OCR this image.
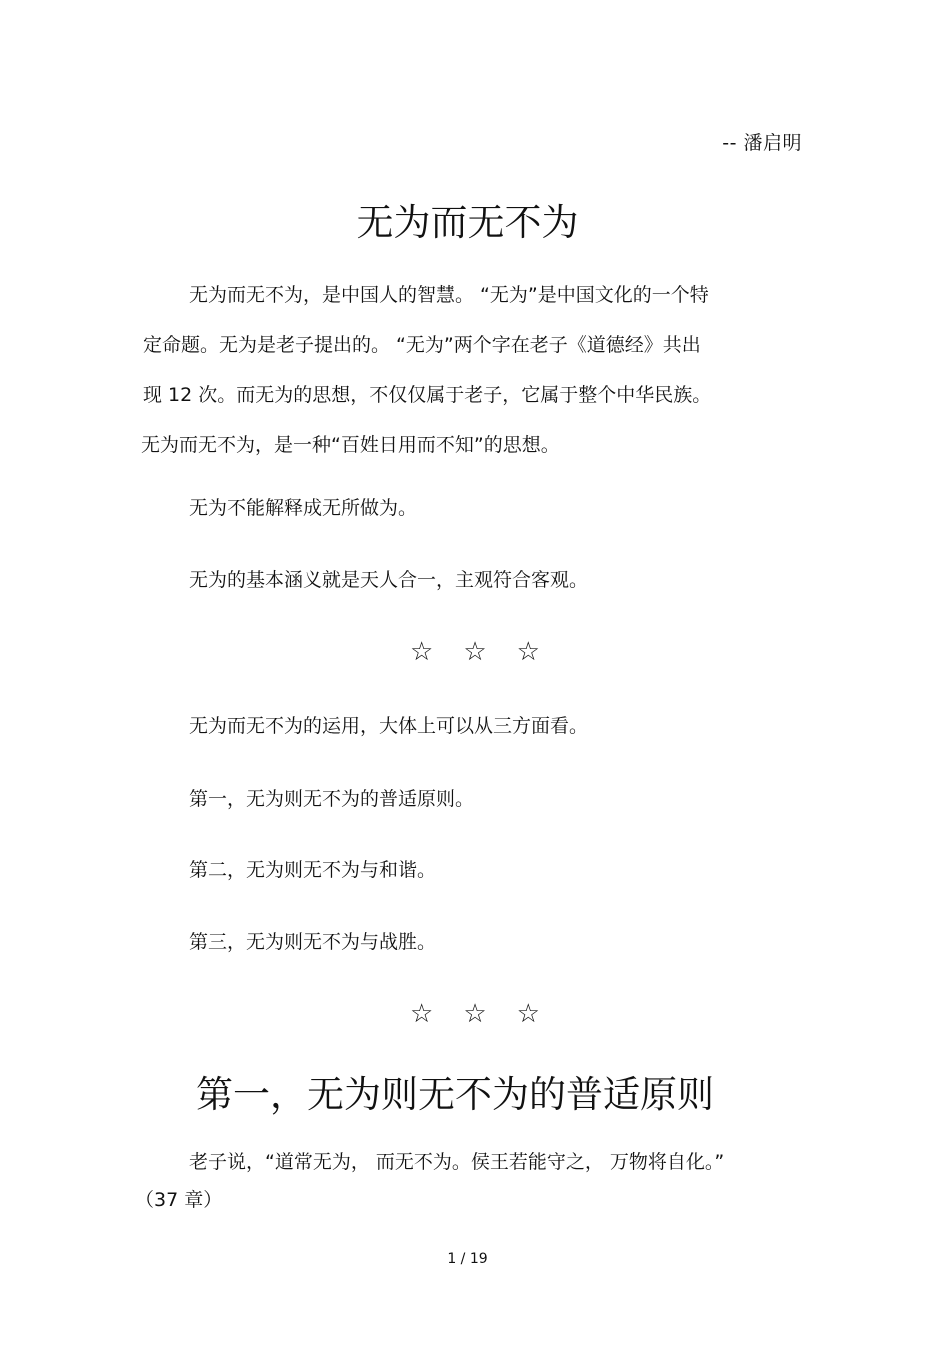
-- 潘启明
无为而无不为
无为而无不为，是中国人的智慧。 “无为”是中国文化的一个特
定命题。无为是老子提出的。 “无为”两个字在老子《道德经》共出
现 12 次。而无为的思想，不仅仅属于老子，它属于整个中华民族。
无为而无不为，是一种“百姓日用而不知”的思想。

无为不能解释成无所做为。

无为的基本涵义就是天人合一，主观符合客观。

☆☆☆

无为而无不为的运用，大体上可以从三方面看。

第一，无为则无不为的普适原则。

第二，无为则无不为与和谐。

第三，无为则无不为与战胜。

☆☆☆
第一，无为则无不为的普适原则
老子说，“道常无为， 而无不为。侯王若能守之， 万物将自化。”
（37 章）
1 / 19
